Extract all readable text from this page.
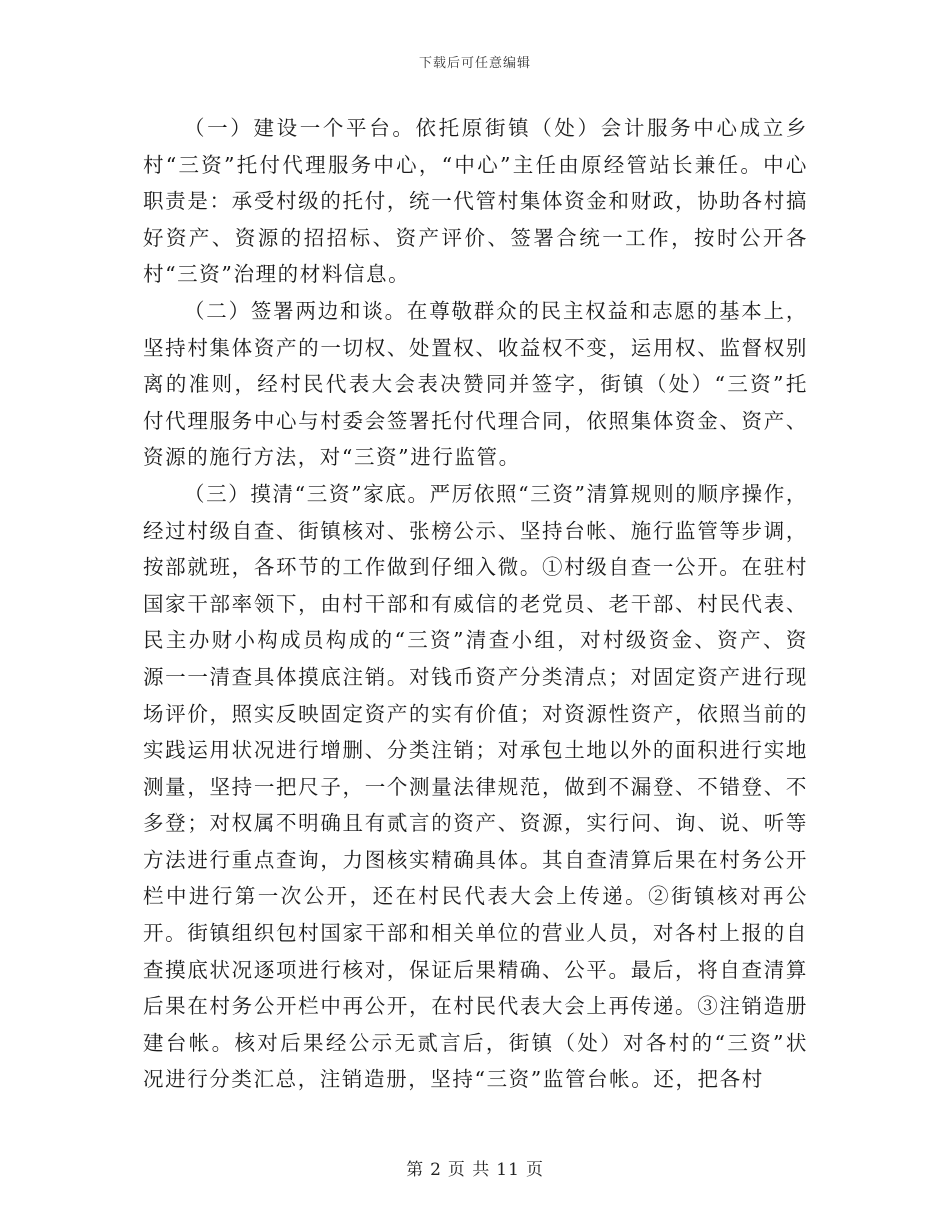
下载后可任意编辑

（一）建设一个平台。依托原街镇（处）会计服务中心成立乡村“三资”托付代理服务中心，“中心”主任由原经管站长兼任。中心职责是：承受村级的托付，统一代管村集体资金和财政，协助各村搞好资产、资源的招招标、资产评价、签署合统一工作，按时公开各村“三资”治理的材料信息。

（二）签署两边和谈。在尊敬群众的民主权益和志愿的基本上，坚持村集体资产的一切权、处置权、收益权不变，运用权、监督权别离的准则，经村民代表大会表决赞同并签字，街镇（处）“三资”托付代理服务中心与村委会签署托付代理合同，依照集体资金、资产、资源的施行方法，对“三资”进行监管。

（三）摸清“三资”家底。严厉依照“三资”清算规则的顺序操作，经过村级自查、街镇核对、张榜公示、坚持台帐、施行监管等步调，按部就班，各环节的工作做到仔细入微。①村级自查一公开。在驻村国家干部率领下，由村干部和有威信的老党员、老干部、村民代表、民主办财小构成员构成的“三资”清查小组，对村级资金、资产、资源一一清查具体摸底注销。对钱币资产分类清点；对固定资产进行现场评价，照实反映固定资产的实有价值；对资源性资产，依照当前的实践运用状况进行增删、分类注销；对承包土地以外的面积进行实地测量，坚持一把尺子，一个测量法律规范，做到不漏登、不错登、不多登；对权属不明确且有贰言的资产、资源，实行问、询、说、听等方法进行重点查询，力图核实精确具体。其自查清算后果在村务公开栏中进行第一次公开，还在村民代表大会上传递。②街镇核对再公开。街镇组织包村国家干部和相关单位的营业人员，对各村上报的自查摸底状况逐项进行核对，保证后果精确、公平。最后，将自查清算后果在村务公开栏中再公开，在村民代表大会上再传递。③注销造册建台帐。核对后果经公示无贰言后，街镇（处）对各村的“三资”状况进行分类汇总，注销造册，坚持“三资”监管台帐。还，把各村

第 2 页 共 11 页
